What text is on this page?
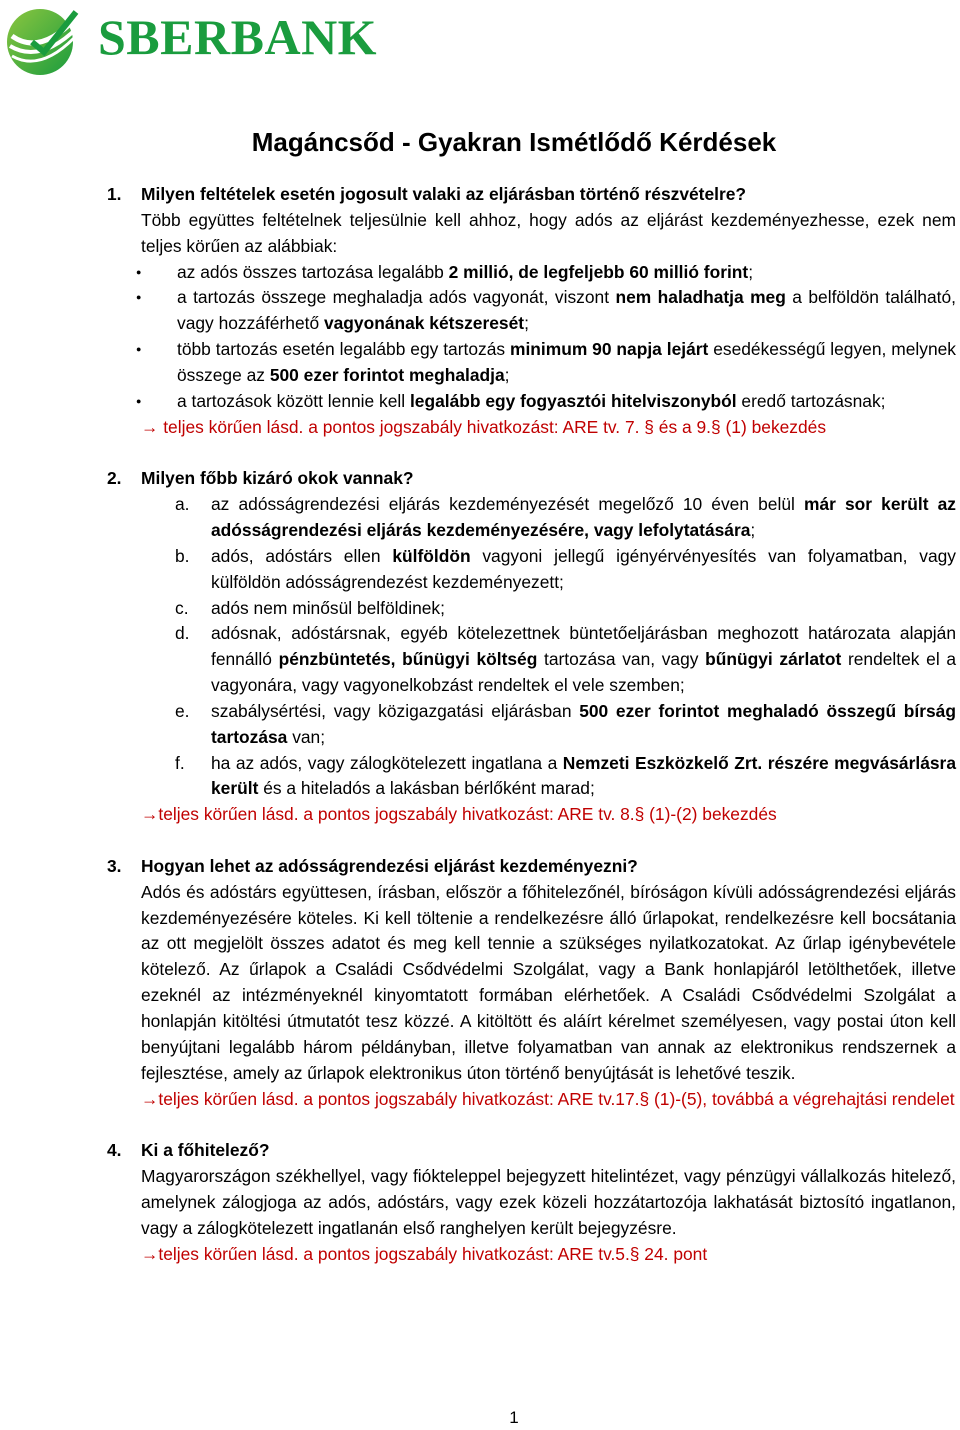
SBERBANK
Magáncsőd - Gyakran Ismétlődő Kérdések
1.	Milyen feltételek esetén jogosult valaki az eljárásban történő részvételre?
Több együttes feltételnek teljesülnie kell ahhoz, hogy adós az eljárást kezdeményezhesse, ezek nem teljes körűen az alábbiak:
● az adós összes tartozása legalább 2 millió, de legfeljebb 60 millió forint;
● a tartozás összege meghaladja adós vagyonát, viszont nem haladhatja meg a belföldön található, vagy hozzáférhető vagyonának kétszeresét;
● több tartozás esetén legalább egy tartozás minimum 90 napja lejárt esedékességű legyen, melynek összege az 500 ezer forintot meghaladja;
● a tartozások között lennie kell legalább egy fogyasztói hitelviszonyból eredő tartozásnak;
→ teljes körűen lásd. a pontos jogszabály hivatkozást: ARE tv. 7. § és a 9.§ (1) bekezdés
2.	Milyen főbb kizáró okok vannak?
a. az adósságrendezési eljárás kezdeményezését megelőző 10 éven belül már sor került az adósságrendezési eljárás kezdeményezésére, vagy lefolytatására;
b. adós, adóstárs ellen külföldön vagyoni jellegű igényérvényesítés van folyamatban, vagy külföldön adósságrendezést kezdeményezett;
c. adós nem minősül belföldinek;
d. adósnak, adóstársnak, egyéb kötelezettnek büntetőeljárásban meghozott határozata alapján fennálló pénzbüntetés, bűnügyi költség tartozása van, vagy bűnügyi zárlatot rendeltek el a vagyonára, vagy vagyonelkobzást rendeltek el vele szemben;
e. szabálysértési, vagy közigazgatási eljárásban 500 ezer forintot meghaladó összegű bírság tartozása van;
f. ha az adós, vagy zálogkötelezett ingatlana a Nemzeti Eszközkelő Zrt. részére megvásárlásra került és a hiteladós a lakásban bérlőként marad;
→teljes körűen lásd. a pontos jogszabály hivatkozást: ARE tv. 8.§ (1)-(2) bekezdés
3.	Hogyan lehet az adósságrendezési eljárást kezdeményezni?
Adós és adóstárs együttesen, írásban, először a főhitelezőnél, bíróságon kívüli adósságrendezési eljárás kezdeményezésére köteles. Ki kell töltenie a rendelkezésre álló űrlapokat, rendelkezésre kell bocsátania az ott megjelölt összes adatot és meg kell tennie a szükséges nyilatkozatokat. Az űrlap igénybevétele kötelező. Az űrlapok a Családi Csődvédelmi Szolgálat, vagy a Bank honlapjáról letölthetőek, illetve ezeknél az intézményeknél kinyomtatott formában elérhetőek. A Családi Csődvédelmi Szolgálat a honlapján kitöltési útmutatót tesz közzé. A kitöltött és aláírt kérelmet személyesen, vagy postai úton kell benyújtani legalább három példányban, illetve folyamatban van annak az elektronikus rendszernek a fejlesztése, amely az űrlapok elektronikus úton történő benyújtását is lehetővé teszik.
→teljes körűen lásd. a pontos jogszabály hivatkozást: ARE tv.17.§ (1)-(5), továbbá a végrehajtási rendelet
4.	Ki a főhitelező?
Magyarországon székhellyel, vagy fiókteleppel bejegyzett hitelintézet, vagy pénzügyi vállalkozás hitelező, amelynek zálogjoga az adós, adóstárs, vagy ezek közeli hozzátartozója lakhatását biztosító ingatlanon, vagy a zálogkötelezett ingatlanán első ranghelyen került bejegyzésre.
→teljes körűen lásd. a pontos jogszabály hivatkozást: ARE tv.5.§ 24. pont
1
